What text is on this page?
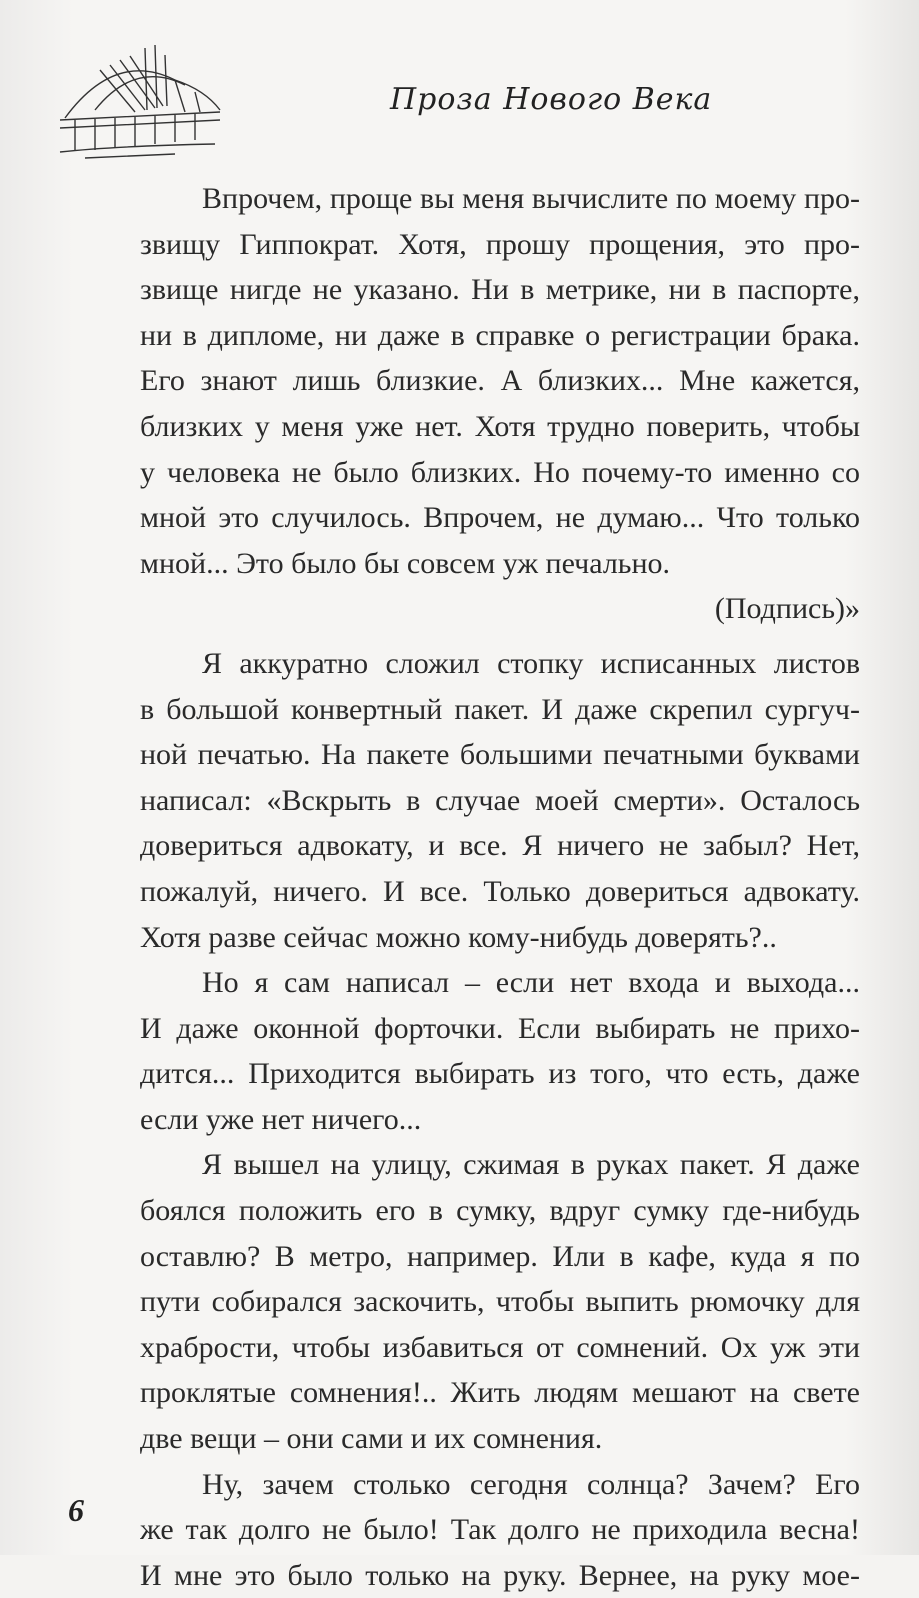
Проза Нового Века
Впрочем, проще вы меня вычислите по моему про-
звищу Гиппократ. Хотя, прошу прощения, это про-
звище нигде не указано. Ни в метрике, ни в паспорте,
ни в дипломе, ни даже в справке о регистрации брака.
Его знают лишь близкие. А близких... Мне кажется,
близких у меня уже нет. Хотя трудно поверить, чтобы
у человека не было близких. Но почему-то именно со
мной это случилось. Впрочем, не думаю... Что только
мной... Это было бы совсем уж печально.
(Подпись)»
Я аккуратно сложил стопку исписанных листов
в большой конвертный пакет. И даже скрепил сургуч-
ной печатью. На пакете большими печатными буквами
написал: «Вскрыть в случае моей смерти». Осталось
довериться адвокату, и все. Я ничего не забыл? Нет,
пожалуй, ничего. И все. Только довериться адвокату.
Хотя разве сейчас можно кому-нибудь доверять?..
Но я сам написал – если нет входа и выхода...
И даже оконной форточки. Если выбирать не прихо-
дится... Приходится выбирать из того, что есть, даже
если уже нет ничего...
Я вышел на улицу, сжимая в руках пакет. Я даже
боялся положить его в сумку, вдруг сумку где-нибудь
оставлю? В метро, например. Или в кафе, куда я по
пути собирался заскочить, чтобы выпить рюмочку для
храбрости, чтобы избавиться от сомнений. Ох уж эти
проклятые сомнения!.. Жить людям мешают на свете
две вещи – они сами и их сомнения.
Ну, зачем столько сегодня солнца? Зачем? Его
же так долго не было! Так долго не приходила весна!
И мне это было только на руку. Вернее, на руку мое-
6
